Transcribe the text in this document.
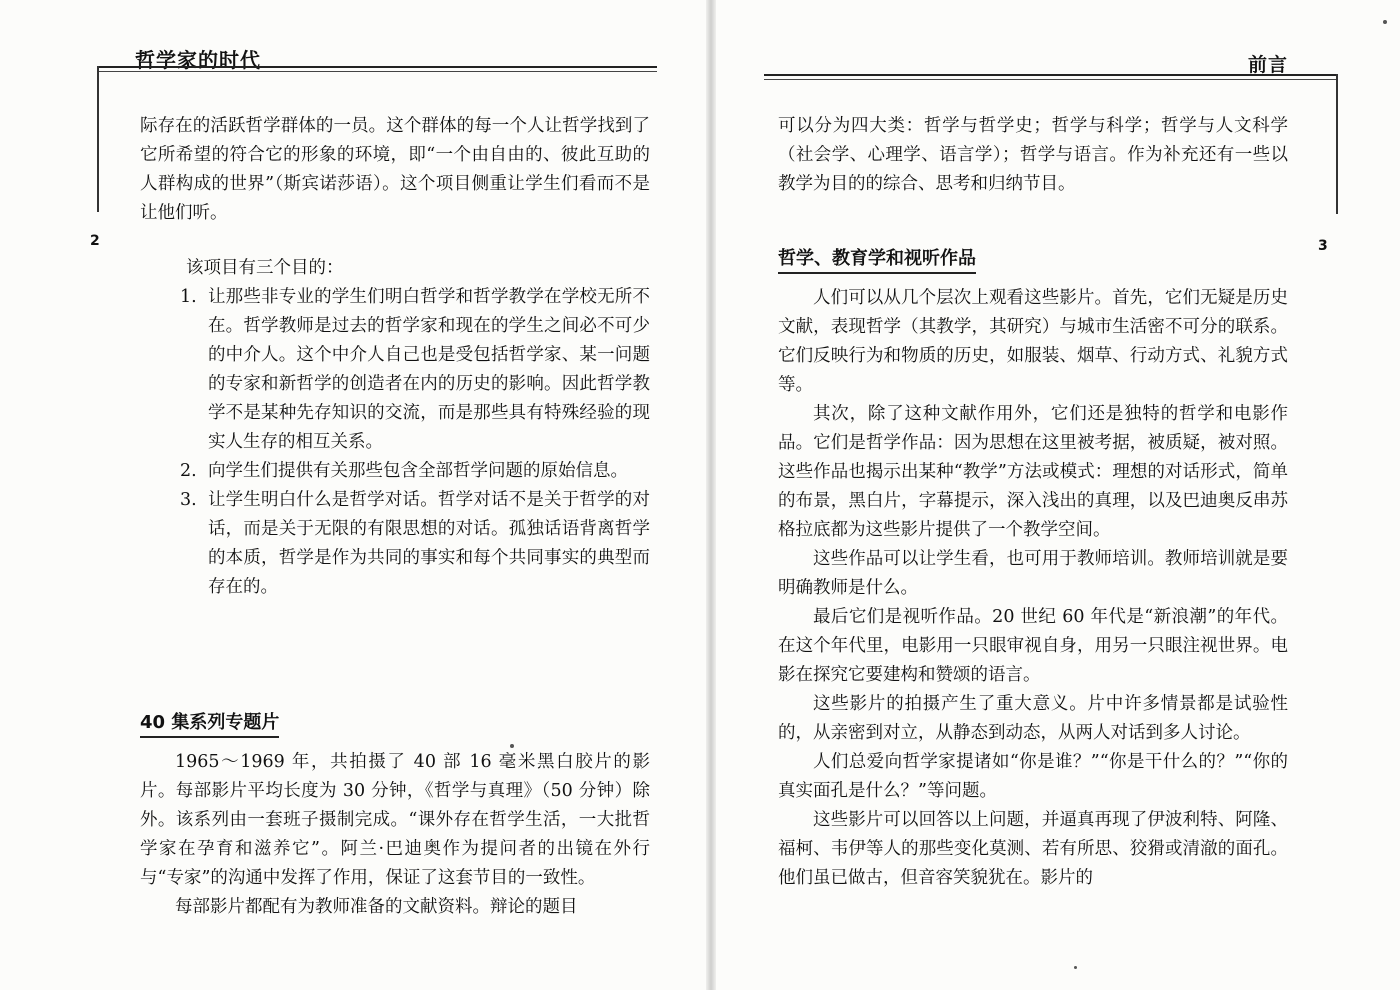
哲学家的时代
2

际存在的活跃哲学群体的一员。这个群体的每一个人让哲学找到了它所希望的符合它的形象的环境，即“一个由自由的、彼此互助的人群构成的世界”（斯宾诺莎语）。这个项目侧重让学生们看而不是让他们听。

该项目有三个目的：

1. 让那些非专业的学生们明白哲学和哲学教学在学校无所不在。哲学教师是过去的哲学家和现在的学生之间必不可少的中介人。这个中介人自己也是受包括哲学家、某一问题的专家和新哲学的创造者在内的历史的影响。因此哲学教学不是某种先存知识的交流，而是那些具有特殊经验的现实人生存的相互关系。
2. 向学生们提供有关那些包含全部哲学问题的原始信息。
3. 让学生明白什么是哲学对话。哲学对话不是关于哲学的对话，而是关于无限的有限思想的对话。孤独话语背离哲学的本质，哲学是作为共同的事实和每个共同事实的典型而存在的。
40 集系列专题片

1965～1969 年，共拍摄了 40 部 16 毫米黑白胶片的影片。每部影片平均长度为 30 分钟，《哲学与真理》（50 分钟）除外。该系列由一套班子摄制完成。“课外存在哲学生活，一大批哲学家在孕育和滋养它”。阿兰·巴迪奥作为提问者的出镜在外行与“专家”的沟通中发挥了作用，保证了这套节目的一致性。

每部影片都配有为教师准备的文献资料。辩论的题目

前言
3

可以分为四大类：哲学与哲学史；哲学与科学；哲学与人文科学（社会学、心理学、语言学）；哲学与语言。作为补充还有一些以教学为目的的综合、思考和归纳节目。

哲学、教育学和视听作品

人们可以从几个层次上观看这些影片。首先，它们无疑是历史文献，表现哲学（其教学，其研究）与城市生活密不可分的联系。它们反映行为和物质的历史，如服装、烟草、行动方式、礼貌方式等。

其次，除了这种文献作用外，它们还是独特的哲学和电影作品。它们是哲学作品：因为思想在这里被考据，被质疑，被对照。这些作品也揭示出某种“教学”方法或模式：理想的对话形式，简单的布景，黑白片，字幕提示，深入浅出的真理，以及巴迪奥反串苏格拉底都为这些影片提供了一个教学空间。

这些作品可以让学生看，也可用于教师培训。教师培训就是要明确教师是什么。

最后它们是视听作品。20 世纪 60 年代是“新浪潮”的年代。在这个年代里，电影用一只眼审视自身，用另一只眼注视世界。电影在探究它要建构和赞颂的语言。

这些影片的拍摄产生了重大意义。片中许多情景都是试验性的，从亲密到对立，从静态到动态，从两人对话到多人讨论。

人们总爱向哲学家提诸如“你是谁？”“你是干什么的？”“你的真实面孔是什么？”等问题。

这些影片可以回答以上问题，并逼真再现了伊波利特、阿隆、福柯、韦伊等人的那些变化莫测、若有所思、狡猾或清澈的面孔。他们虽已做古，但音容笑貌犹在。影片的
